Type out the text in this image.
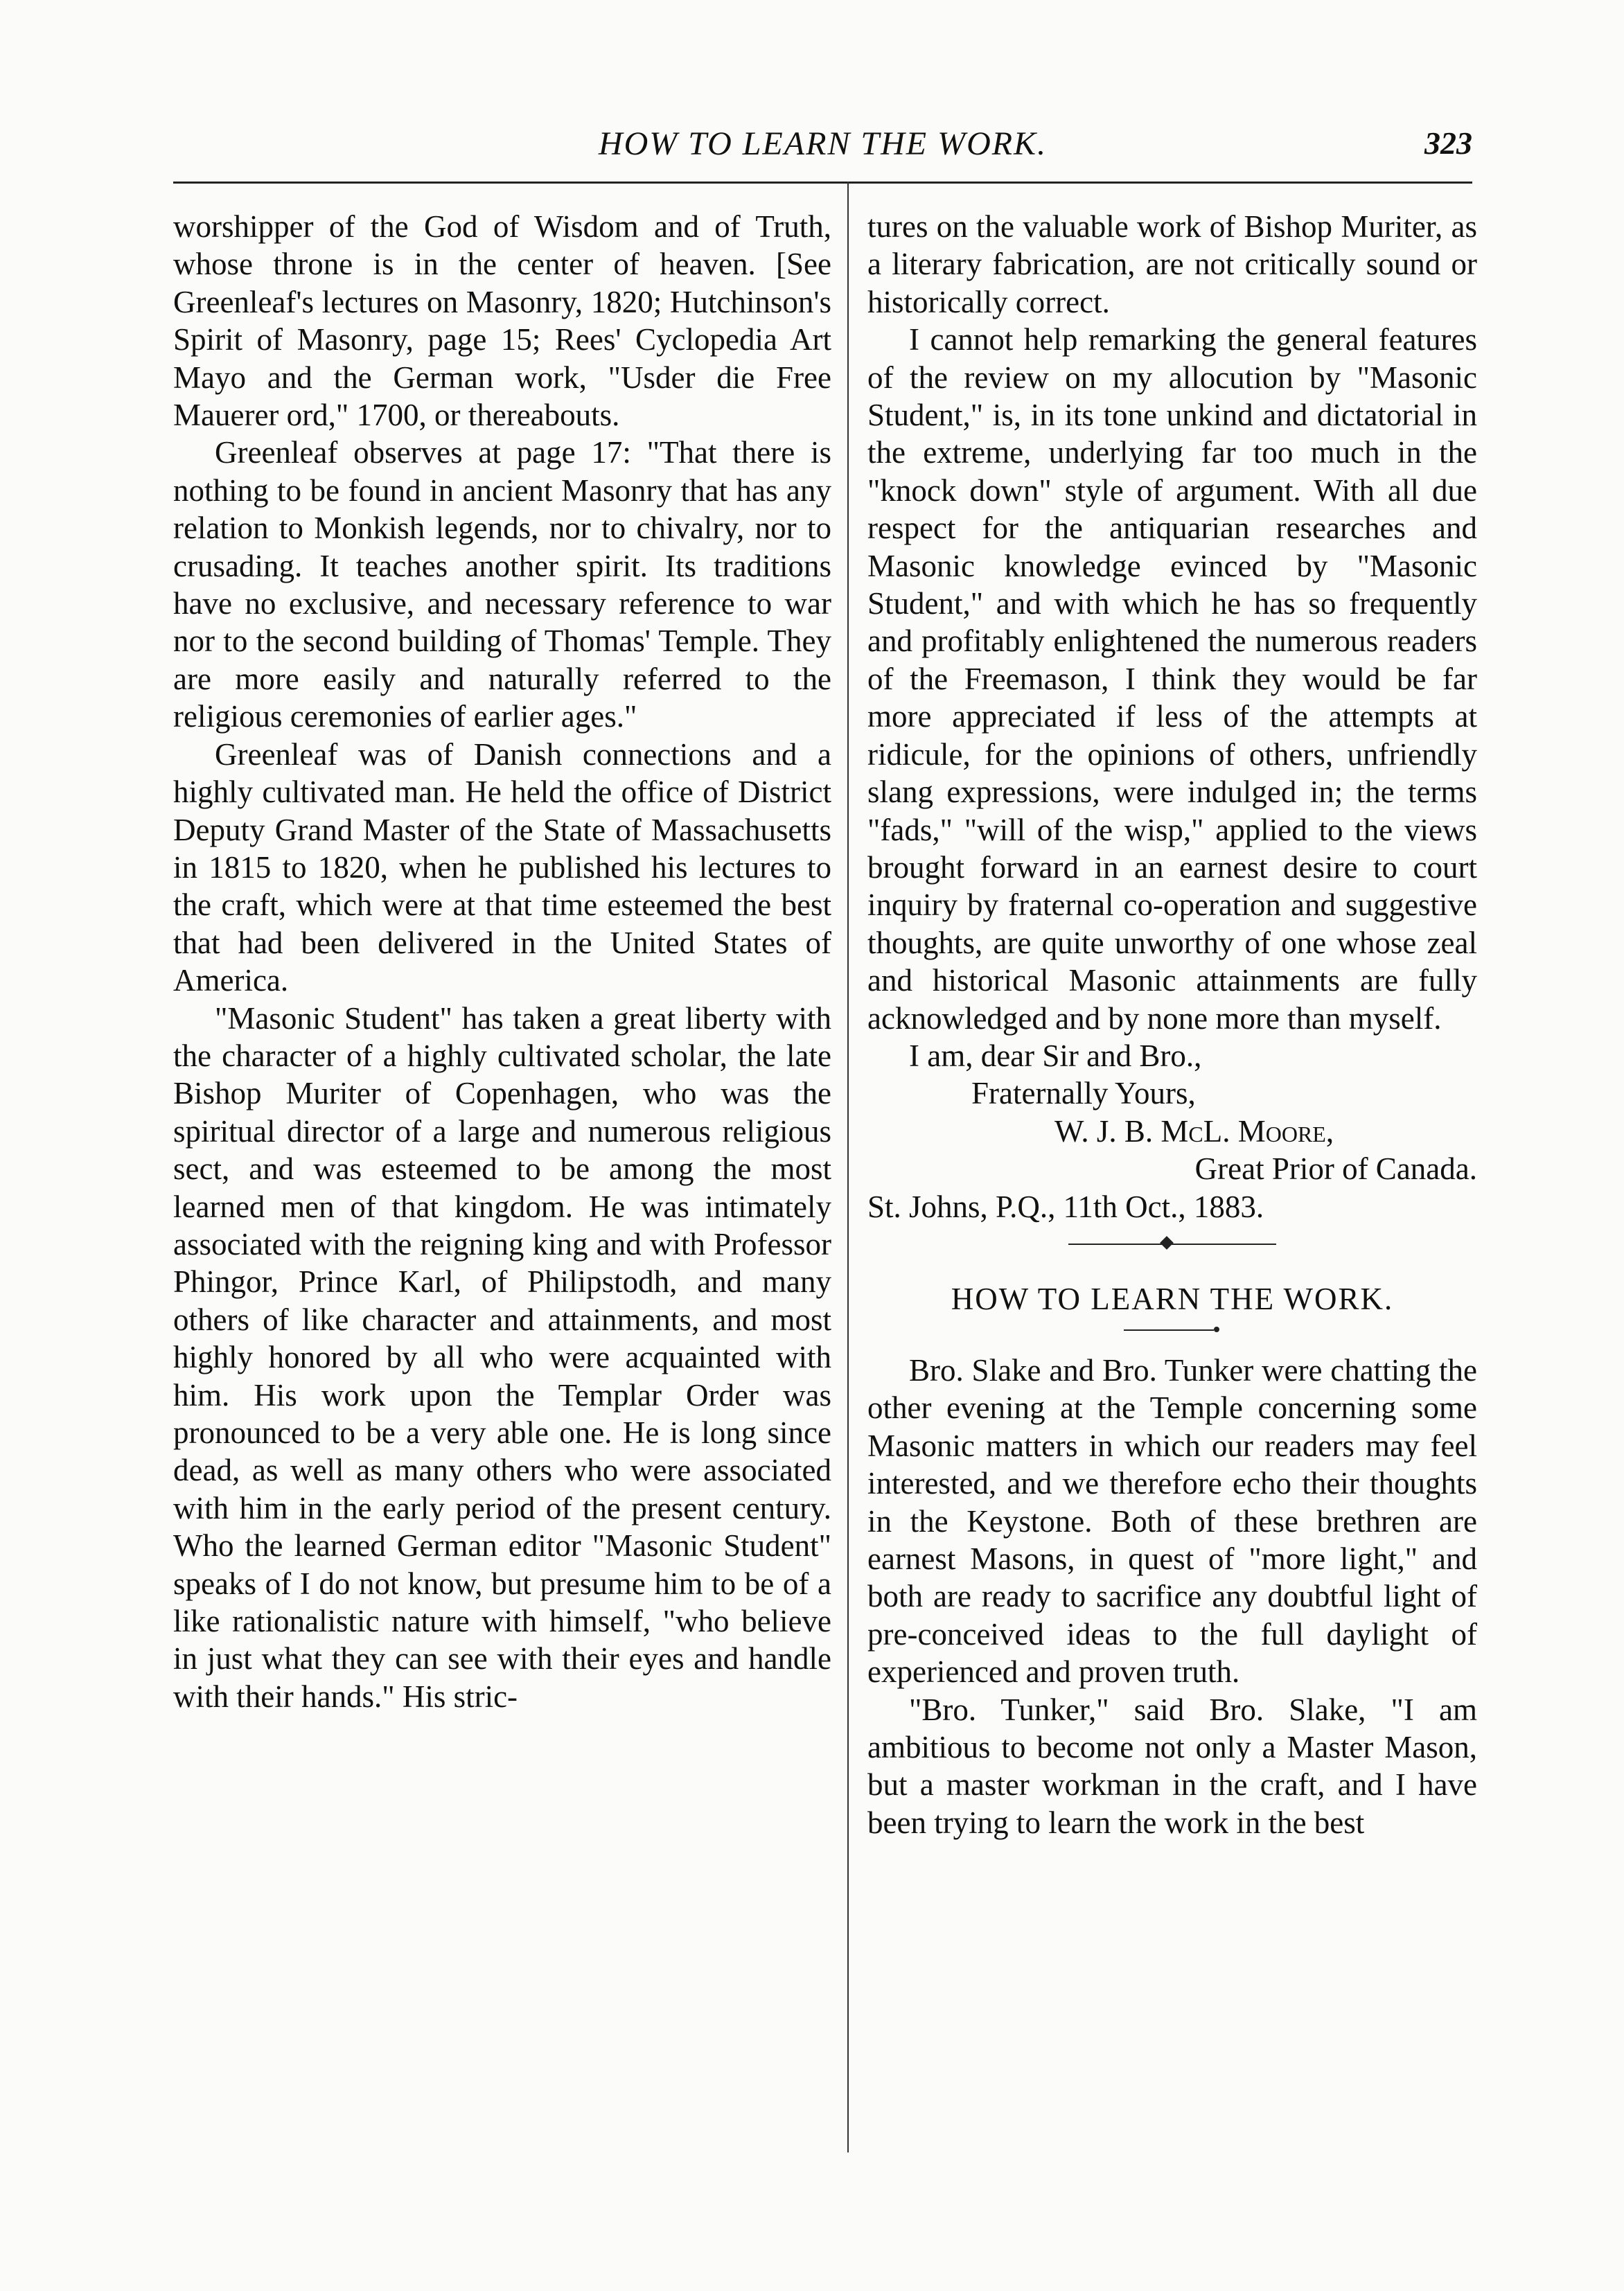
HOW TO LEARN THE WORK.	323

worshipper of the God of Wisdom and of Truth, whose throne is in the center of heaven. [See Greenleaf's lectures on Masonry, 1820; Hutchinson's Spirit of Masonry, page 15; Rees' Cyclopedia Art Mayo and the German work, "Usder die Free Mauerer ord," 1700, or thereabouts.

Greenleaf observes at page 17: "That there is nothing to be found in ancient Masonry that has any relation to Monkish legends, nor to chivalry, nor to crusading. It teaches another spirit. Its traditions have no exclusive, and necessary reference to war nor to the second building of Thomas' Temple. They are more easily and naturally referred to the religious ceremonies of earlier ages."

Greenleaf was of Danish connections and a highly cultivated man. He held the office of District Deputy Grand Master of the State of Massachusetts in 1815 to 1820, when he published his lectures to the craft, which were at that time esteemed the best that had been delivered in the United States of America.

"Masonic Student" has taken a great liberty with the character of a highly cultivated scholar, the late Bishop Muriter of Copenhagen, who was the spiritual director of a large and numerous religious sect, and was esteemed to be among the most learned men of that kingdom. He was intimately associated with the reigning king and with Professor Phingor, Prince Karl, of Philipstodh, and many others of like character and attainments, and most highly honored by all who were acquainted with him. His work upon the Templar Order was pronounced to be a very able one. He is long since dead, as well as many others who were associated with him in the early period of the present century. Who the learned German editor "Masonic Student" speaks of I do not know, but presume him to be of a like rationalistic nature with himself, "who believe in just what they can see with their eyes and handle with their hands." His stric-

tures on the valuable work of Bishop Muriter, as a literary fabrication, are not critically sound or historically correct.

I cannot help remarking the general features of the review on my allocution by "Masonic Student," is, in its tone unkind and dictatorial in the extreme, underlying far too much in the "knock down" style of argument. With all due respect for the antiquarian researches and Masonic knowledge evinced by "Masonic Student," and with which he has so frequently and profitably enlightened the numerous readers of the Freemason, I think they would be far more appreciated if less of the attempts at ridicule, for the opinions of others, unfriendly slang expressions, were indulged in; the terms "fads," "will of the wisp," applied to the views brought forward in an earnest desire to court inquiry by fraternal co-operation and suggestive thoughts, are quite unworthy of one whose zeal and historical Masonic attainments are fully acknowledged and by none more than myself.

I am, dear Sir and Bro.,
Fraternally Yours,
W. J. B. McL. Moore,
Great Prior of Canada.
St. Johns, P.Q., 11th Oct., 1883.
HOW TO LEARN THE WORK.

Bro. Slake and Bro. Tunker were chatting the other evening at the Temple concerning some Masonic matters in which our readers may feel interested, and we therefore echo their thoughts in the Keystone. Both of these brethren are earnest Masons, in quest of "more light," and both are ready to sacrifice any doubtful light of pre-conceived ideas to the full daylight of experienced and proven truth.

"Bro. Tunker," said Bro. Slake, "I am ambitious to become not only a Master Mason, but a master workman in the craft, and I have been trying to learn the work in the best
